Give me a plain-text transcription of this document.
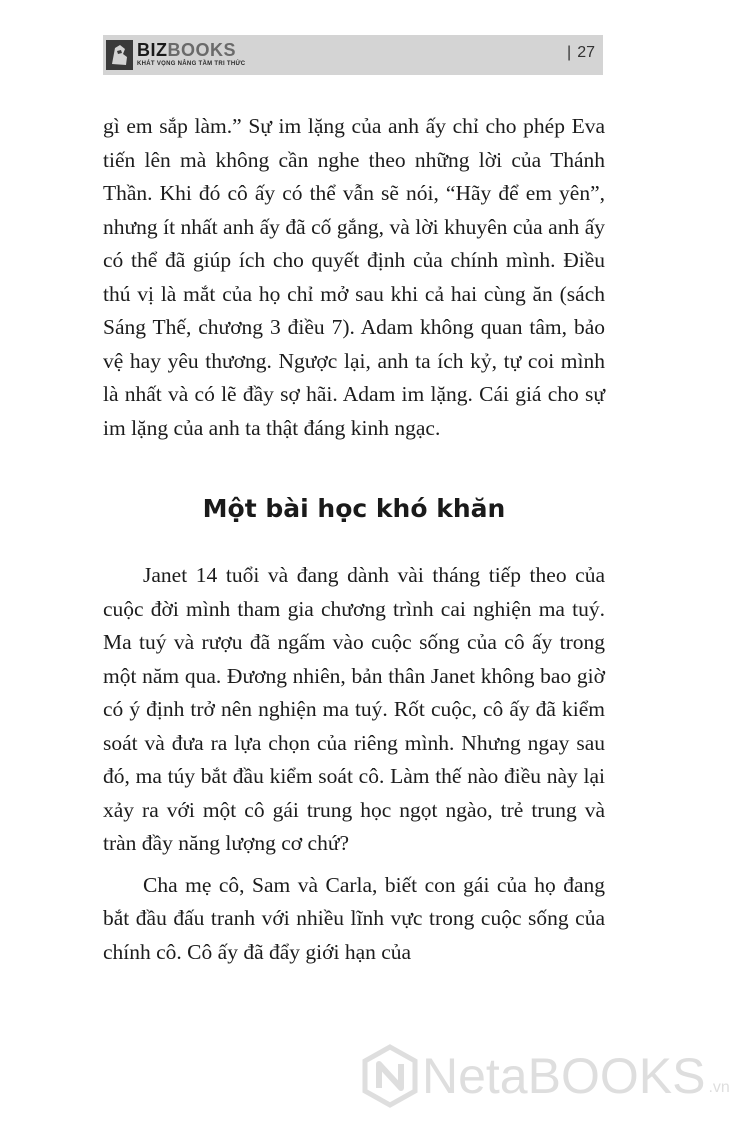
BIZBOOKS
KHÁT VỌNG NÂNG TẦM TRI THỨC
| 27

gì em sắp làm.” Sự im lặng của anh ấy chỉ cho phép Eva tiến lên mà không cần nghe theo những lời của Thánh Thần. Khi đó cô ấy có thể vẫn sẽ nói, “Hãy để em yên”, nhưng ít nhất anh ấy đã cố gắng, và lời khuyên của anh ấy có thể đã giúp ích cho quyết định của chính mình. Điều thú vị là mắt của họ chỉ mở sau khi cả hai cùng ăn (sách Sáng Thế, chương 3 điều 7). Adam không quan tâm, bảo vệ hay yêu thương. Ngược lại, anh ta ích kỷ, tự coi mình là nhất và có lẽ đầy sợ hãi. Adam im lặng. Cái giá cho sự im lặng của anh ta thật đáng kinh ngạc.

Một bài học khó khăn

Janet 14 tuổi và đang dành vài tháng tiếp theo của cuộc đời mình tham gia chương trình cai nghiện ma tuý. Ma tuý và rượu đã ngấm vào cuộc sống của cô ấy trong một năm qua. Đương nhiên, bản thân Janet không bao giờ có ý định trở nên nghiện ma tuý. Rốt cuộc, cô ấy đã kiểm soát và đưa ra lựa chọn của riêng mình. Nhưng ngay sau đó, ma túy bắt đầu kiểm soát cô. Làm thế nào điều này lại xảy ra với một cô gái trung học ngọt ngào, trẻ trung và tràn đầy năng lượng cơ chứ?

Cha mẹ cô, Sam và Carla, biết con gái của họ đang bắt đầu đấu tranh với nhiều lĩnh vực trong cuộc sống của chính cô. Cô ấy đã đẩy giới hạn của

NetaBOOKS .vn
